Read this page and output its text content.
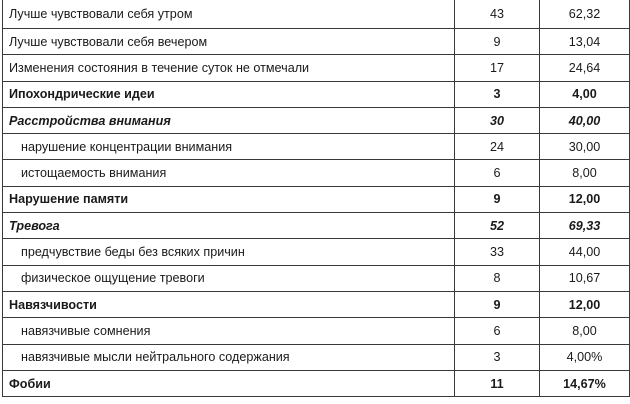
Лучше чувствовали себя утром	43	62,32
Лучше чувствовали себя вечером	9	13,04
Изменения состояния в течение суток не отмечали	17	24,64
Ипохондрические идеи	3	4,00
Расстройства внимания	30	40,00
нарушение концентрации внимания	24	30,00
истощаемость внимания	6	8,00
Нарушение памяти	9	12,00
Тревога	52	69,33
предчувствие беды без всяких причин	33	44,00
физическое ощущение тревоги	8	10,67
Навязчивости	9	12,00
навязчивые сомнения	6	8,00
навязчивые мысли нейтрального содержания	3	4,00%
Фобии	11	14,67%
